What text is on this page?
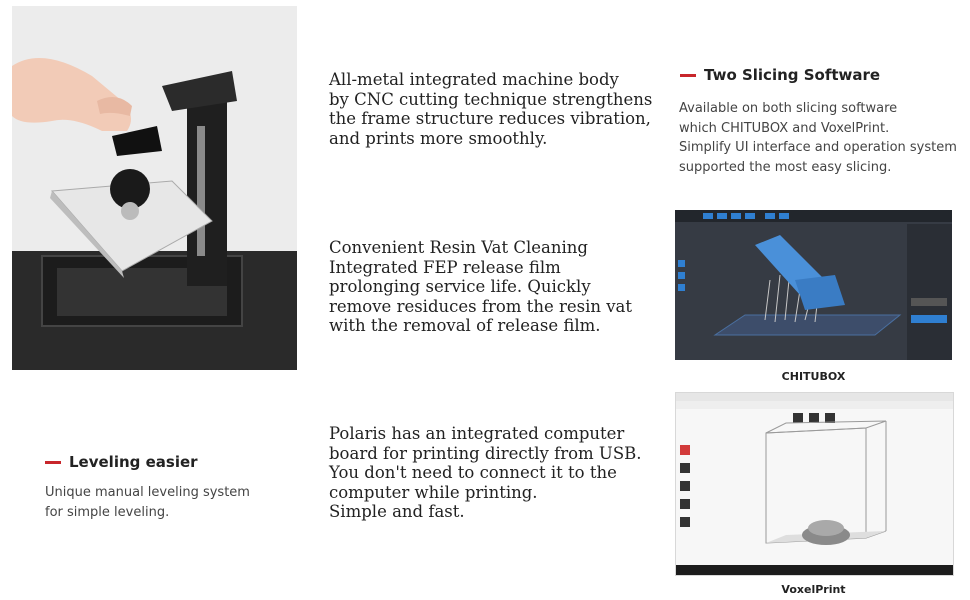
All-metal integrated machine body
by CNC cutting technique strengthens
the frame structure reduces vibration,
and prints more smoothly.
Convenient Resin Vat Cleaning
Integrated FEP release film
prolonging service life. Quickly
remove residuces from the resin vat
with the removal of release film.
Polaris has an integrated computer
board for printing directly from USB.
You don't need to connect it to the
computer while printing.
Simple and fast.
Leveling easier
Unique manual leveling system
for simple leveling.
Two Slicing Software
Available on both slicing software
which CHITUBOX and VoxelPrint.
Simplify UI interface and operation system
supported the most easy slicing.
CHITUBOX
VoxelPrint
